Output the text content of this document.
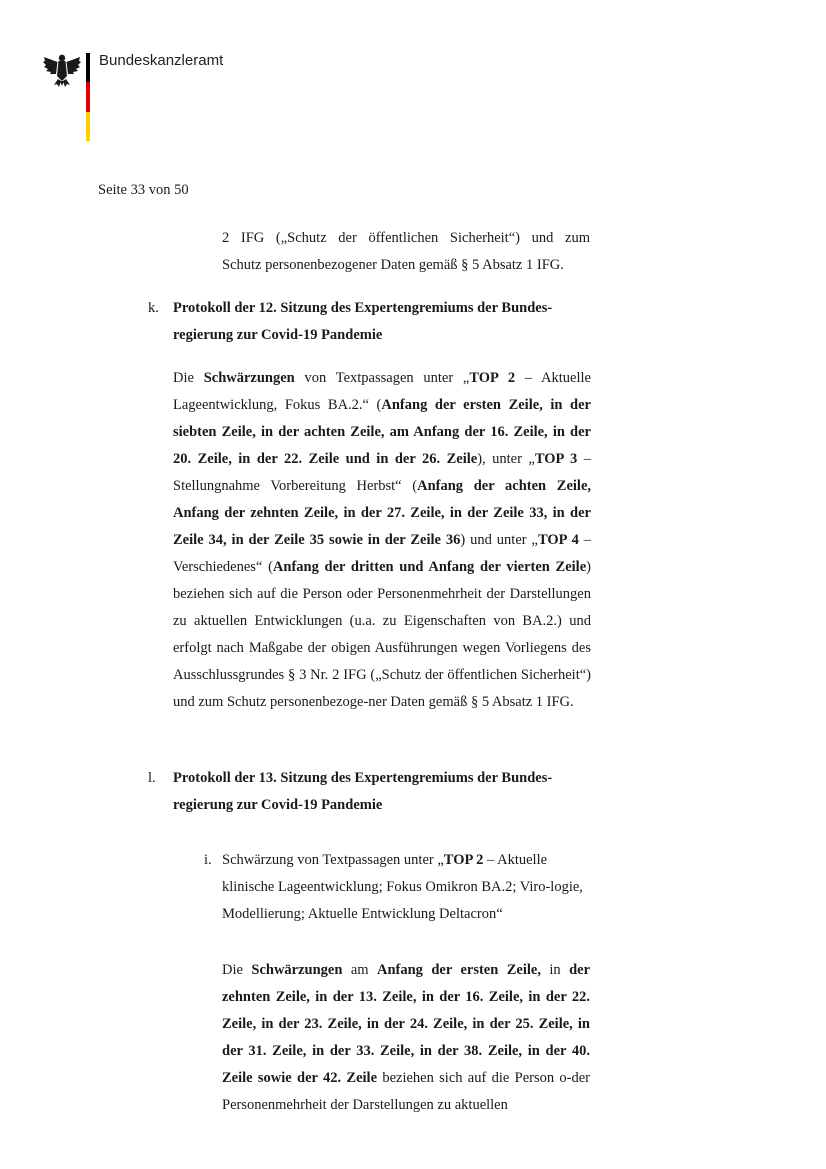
Bundeskanzleramt
Seite 33 von 50
2 IFG („Schutz der öffentlichen Sicherheit“) und zum
Schutz personenbezogener Daten gemäß § 5 Absatz 1 IFG.
k. Protokoll der 12. Sitzung des Expertengremiums der Bundes-
regierung zur Covid-19 Pandemie

Die Schwärzungen von Textpassagen unter „TOP 2 – Aktuelle Lageentwicklung, Fokus BA.2.“ (Anfang der ersten Zeile, in der siebten Zeile, in der achten Zeile, am Anfang der 16. Zeile, in der 20. Zeile, in der 22. Zeile und in der 26. Zeile), unter „TOP 3 – Stellungnahme Vorbereitung Herbst“ (Anfang der achten Zeile, Anfang der zehnten Zeile, in der 27. Zeile, in der Zeile 33, in der Zeile 34, in der Zeile 35 sowie in der Zeile 36) und unter „TOP 4 – Verschiedenes“ (Anfang der dritten und Anfang der vierten Zeile) beziehen sich auf die Person oder Personenmehrheit der Darstellungen zu aktuellen Entwicklungen (u.a. zu Eigenschaften von BA.2.) und erfolgt nach Maßgabe der obigen Ausführungen wegen Vorliegens des Ausschlussgrundes § 3 Nr. 2 IFG („Schutz der öffentlichen Sicherheit“) und zum Schutz personenbezoge-ner Daten gemäß § 5 Absatz 1 IFG.

l. Protokoll der 13. Sitzung des Expertengremiums der Bundes-
regierung zur Covid-19 Pandemie
i. Schwärzung von Textpassagen unter „TOP 2 – Aktuelle klinische Lageentwicklung; Fokus Omikron BA.2; Viro-logie, Modellierung; Aktuelle Entwicklung Deltacron“

Die Schwärzungen am Anfang der ersten Zeile, in der zehnten Zeile, in der 13. Zeile, in der 16. Zeile, in der 22. Zeile, in der 23. Zeile, in der 24. Zeile, in der 25. Zeile, in der 31. Zeile, in der 33. Zeile, in der 38. Zeile, in der 40. Zeile sowie der 42. Zeile beziehen sich auf die Person o-der Personenmehrheit der Darstellungen zu aktuellen
